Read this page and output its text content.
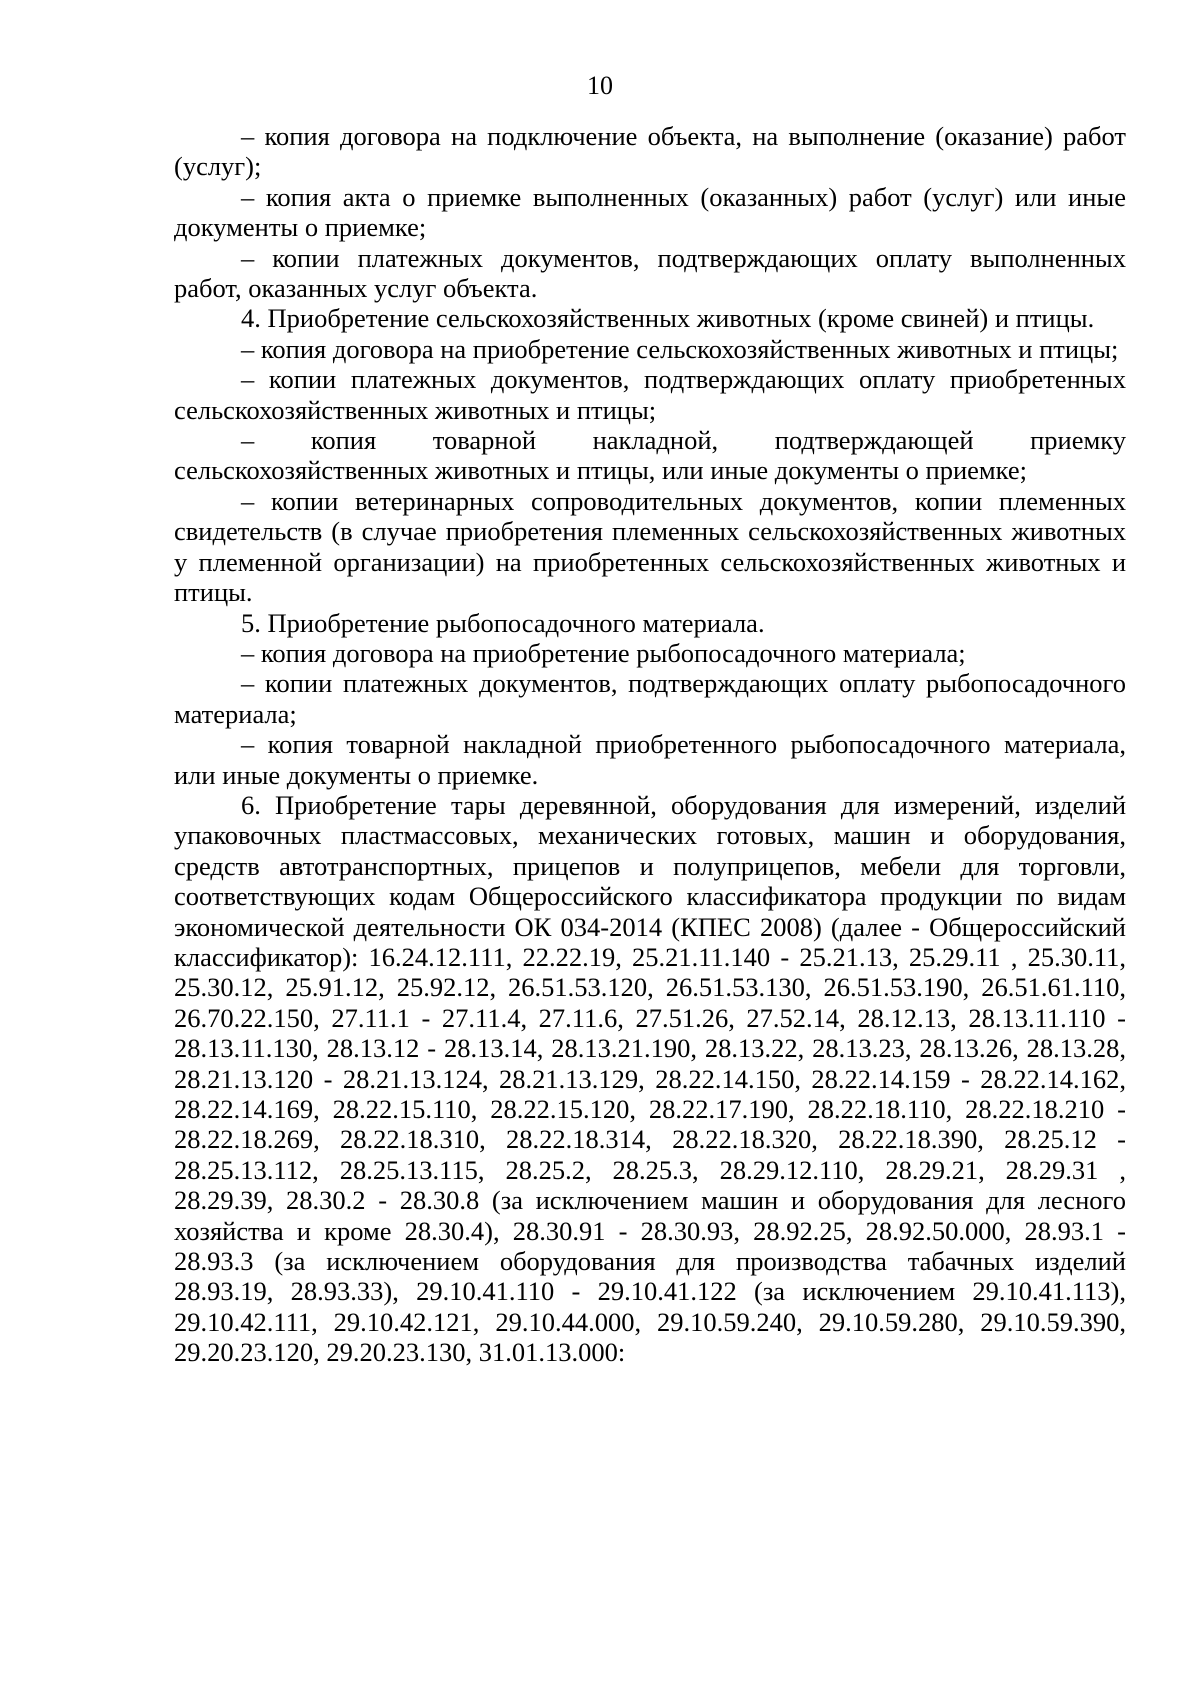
10

– копия договора на подключение объекта, на выполнение (оказание) работ (услуг);

– копия акта о приемке выполненных (оказанных) работ (услуг) или иные документы о приемке;

– копии платежных документов, подтверждающих оплату выполненных работ, оказанных услуг объекта.

4. Приобретение сельскохозяйственных животных (кроме свиней) и птицы.

– копия договора на приобретение сельскохозяйственных животных и птицы;

– копии платежных документов, подтверждающих оплату приобретенных сельскохозяйственных животных и птицы;

– копия товарной накладной, подтверждающей приемку сельскохозяйственных животных и птицы, или иные документы о приемке;

– копии ветеринарных сопроводительных документов, копии племенных свидетельств (в случае приобретения племенных сельскохозяйственных животных у племенной организации) на приобретенных сельскохозяйственных животных и птицы.

5. Приобретение рыбопосадочного материала.

– копия договора на приобретение рыбопосадочного материала;

– копии платежных документов, подтверждающих оплату рыбопосадочного материала;

– копия товарной накладной приобретенного рыбопосадочного материала, или иные документы о приемке.

6. Приобретение тары деревянной, оборудования для измерений, изделий упаковочных пластмассовых, механических готовых, машин и оборудования, средств автотранспортных, прицепов и полуприцепов, мебели для торговли, соответствующих кодам Общероссийского классификатора продукции по видам экономической деятельности ОК 034-2014 (КПЕС 2008) (далее - Общероссийский классификатор): 16.24.12.111, 22.22.19, 25.21.11.140 - 25.21.13, 25.29.11 , 25.30.11, 25.30.12, 25.91.12, 25.92.12, 26.51.53.120, 26.51.53.130, 26.51.53.190, 26.51.61.110, 26.70.22.150, 27.11.1 - 27.11.4, 27.11.6, 27.51.26, 27.52.14, 28.12.13, 28.13.11.110 - 28.13.11.130, 28.13.12 - 28.13.14, 28.13.21.190, 28.13.22, 28.13.23, 28.13.26, 28.13.28, 28.21.13.120 - 28.21.13.124, 28.21.13.129, 28.22.14.150, 28.22.14.159 - 28.22.14.162, 28.22.14.169, 28.22.15.110, 28.22.15.120, 28.22.17.190, 28.22.18.110, 28.22.18.210 - 28.22.18.269, 28.22.18.310, 28.22.18.314, 28.22.18.320, 28.22.18.390, 28.25.12 - 28.25.13.112, 28.25.13.115, 28.25.2, 28.25.3, 28.29.12.110, 28.29.21, 28.29.31 , 28.29.39, 28.30.2 - 28.30.8 (за исключением машин и оборудования для лесного хозяйства и кроме 28.30.4), 28.30.91 - 28.30.93, 28.92.25, 28.92.50.000, 28.93.1 - 28.93.3 (за исключением оборудования для производства табачных изделий 28.93.19, 28.93.33), 29.10.41.110 - 29.10.41.122 (за исключением 29.10.41.113), 29.10.42.111, 29.10.42.121, 29.10.44.000, 29.10.59.240, 29.10.59.280, 29.10.59.390, 29.20.23.120, 29.20.23.130, 31.01.13.000:
